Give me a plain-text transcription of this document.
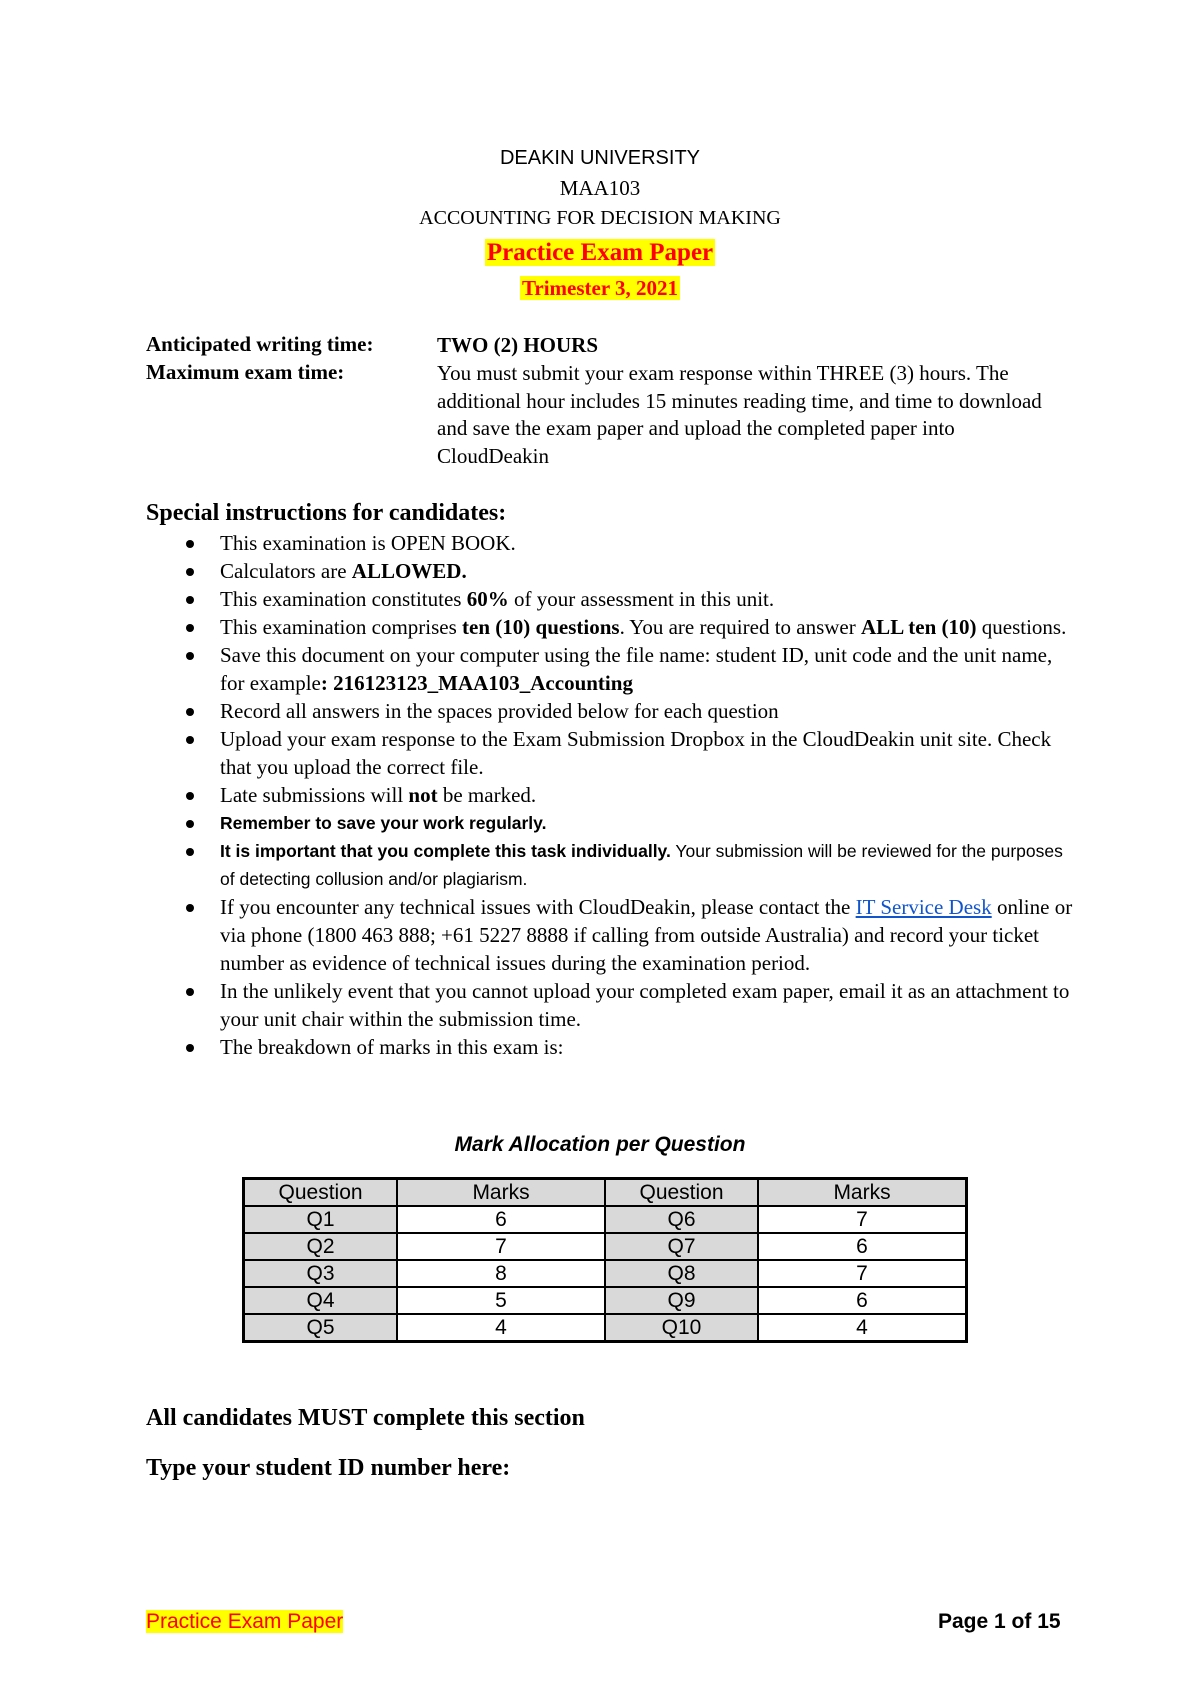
DEAKIN UNIVERSITY
MAA103
ACCOUNTING FOR DECISION MAKING
Practice Exam Paper
Trimester 3, 2021
Anticipated writing time:	TWO (2) HOURS
Maximum exam time:	You must submit your exam response within THREE (3) hours. The additional hour includes 15 minutes reading time, and time to download and save the exam paper and upload the completed paper into CloudDeakin
Special instructions for candidates:
This examination is OPEN BOOK.
Calculators are ALLOWED.
This examination constitutes 60% of your assessment in this unit.
This examination comprises ten (10) questions. You are required to answer ALL ten (10) questions.
Save this document on your computer using the file name: student ID, unit code and the unit name, for example: 216123123_MAA103_Accounting
Record all answers in the spaces provided below for each question
Upload your exam response to the Exam Submission Dropbox in the CloudDeakin unit site. Check that you upload the correct file.
Late submissions will not be marked.
Remember to save your work regularly.
It is important that you complete this task individually. Your submission will be reviewed for the purposes of detecting collusion and/or plagiarism.
If you encounter any technical issues with CloudDeakin, please contact the IT Service Desk online or via phone (1800 463 888; +61 5227 8888 if calling from outside Australia) and record your ticket number as evidence of technical issues during the examination period.
In the unlikely event that you cannot upload your completed exam paper, email it as an attachment to your unit chair within the submission time.
The breakdown of marks in this exam is:
Mark Allocation per Question
Question	Marks	Question	Marks
Q1	6	Q6	7
Q2	7	Q7	6
Q3	8	Q8	7
Q4	5	Q9	6
Q5	4	Q10	4
All candidates MUST complete this section
Type your student ID number here:
Practice Exam Paper	Page 1 of 15
